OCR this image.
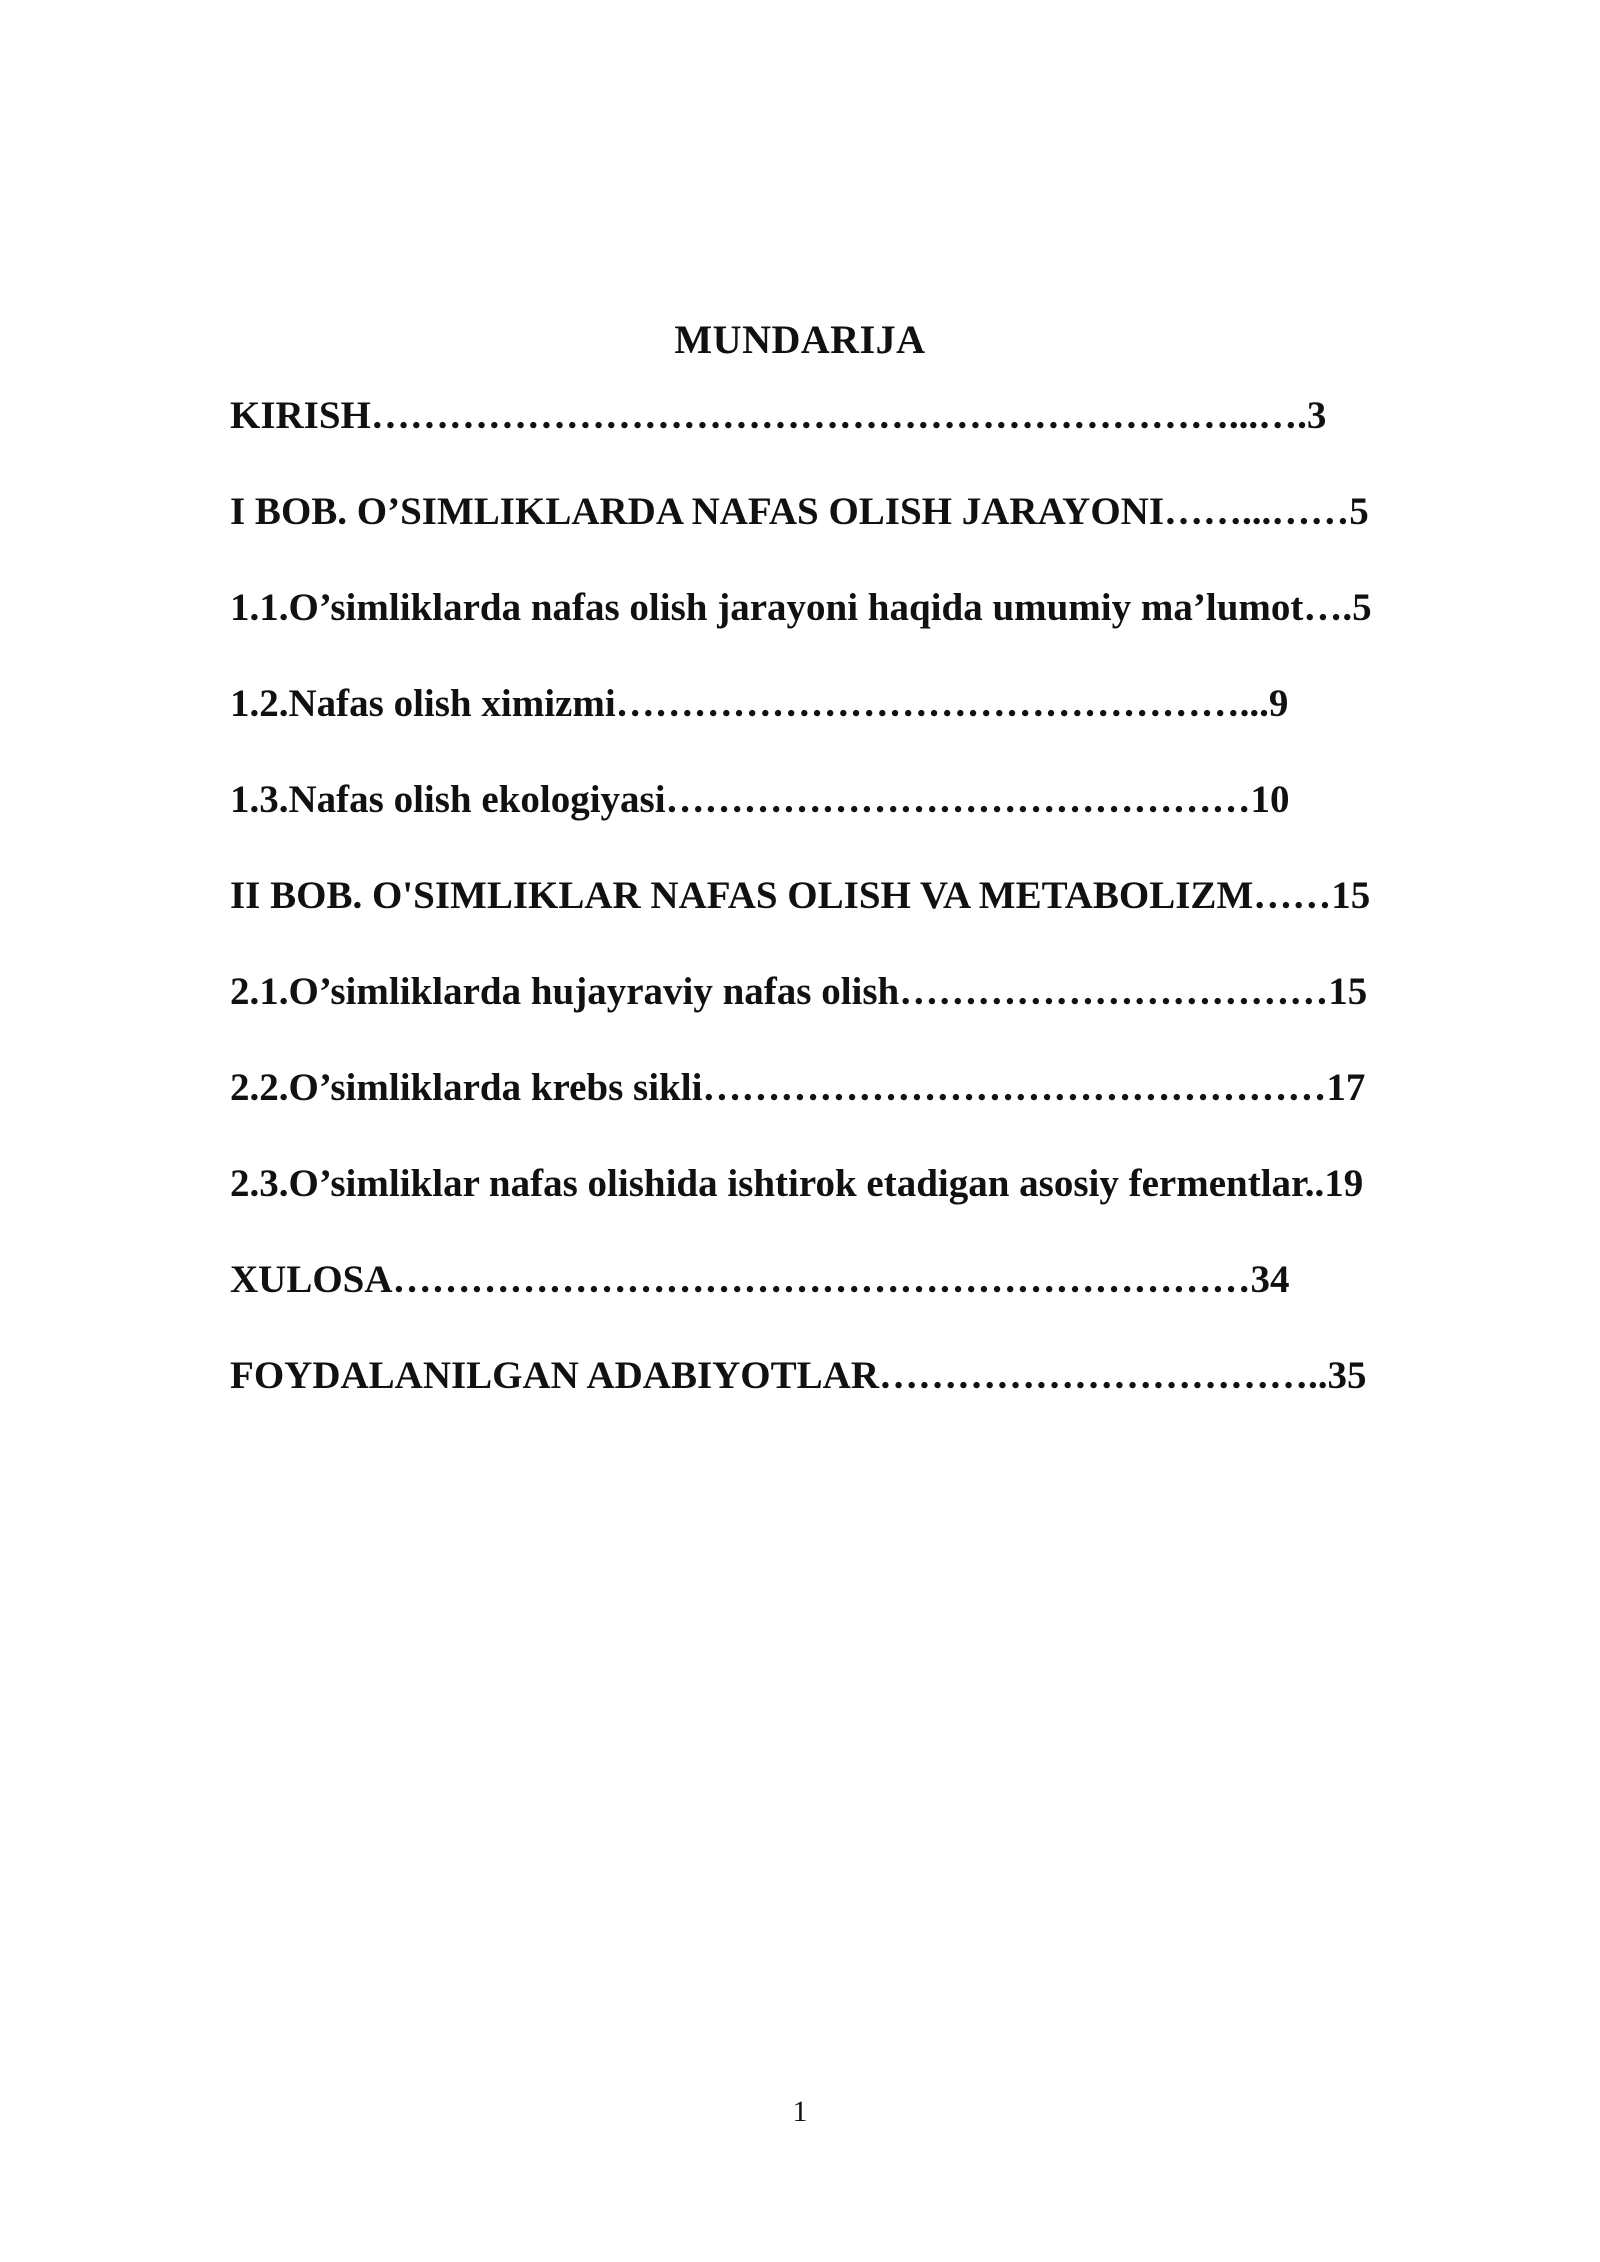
MUNDARIJA
KIRISH…………………………………………………………...….3
I BOB. O’SIMLIKLARDA NAFAS OLISH JARAYONI……...……5
1.1.O’simliklarda nafas olish jarayoni haqida umumiy ma’lumot….5
1.2.Nafas olish ximizmi…………………………………………...9
1.3.Nafas olish ekologiyasi………………………………………10
II BOB. O'SIMLIKLAR NAFAS OLISH VA METABOLIZM……15
2.1.O’simliklarda hujayraviy nafas olish……………………………15
2.2.O’simliklarda krebs sikli…………………………………………17
2.3.O’simliklar nafas olishida ishtirok etadigan asosiy fermentlar..19
XULOSA…………………………………………………………34
FOYDALANILGAN ADABIYOTLAR……………………………..35
1
